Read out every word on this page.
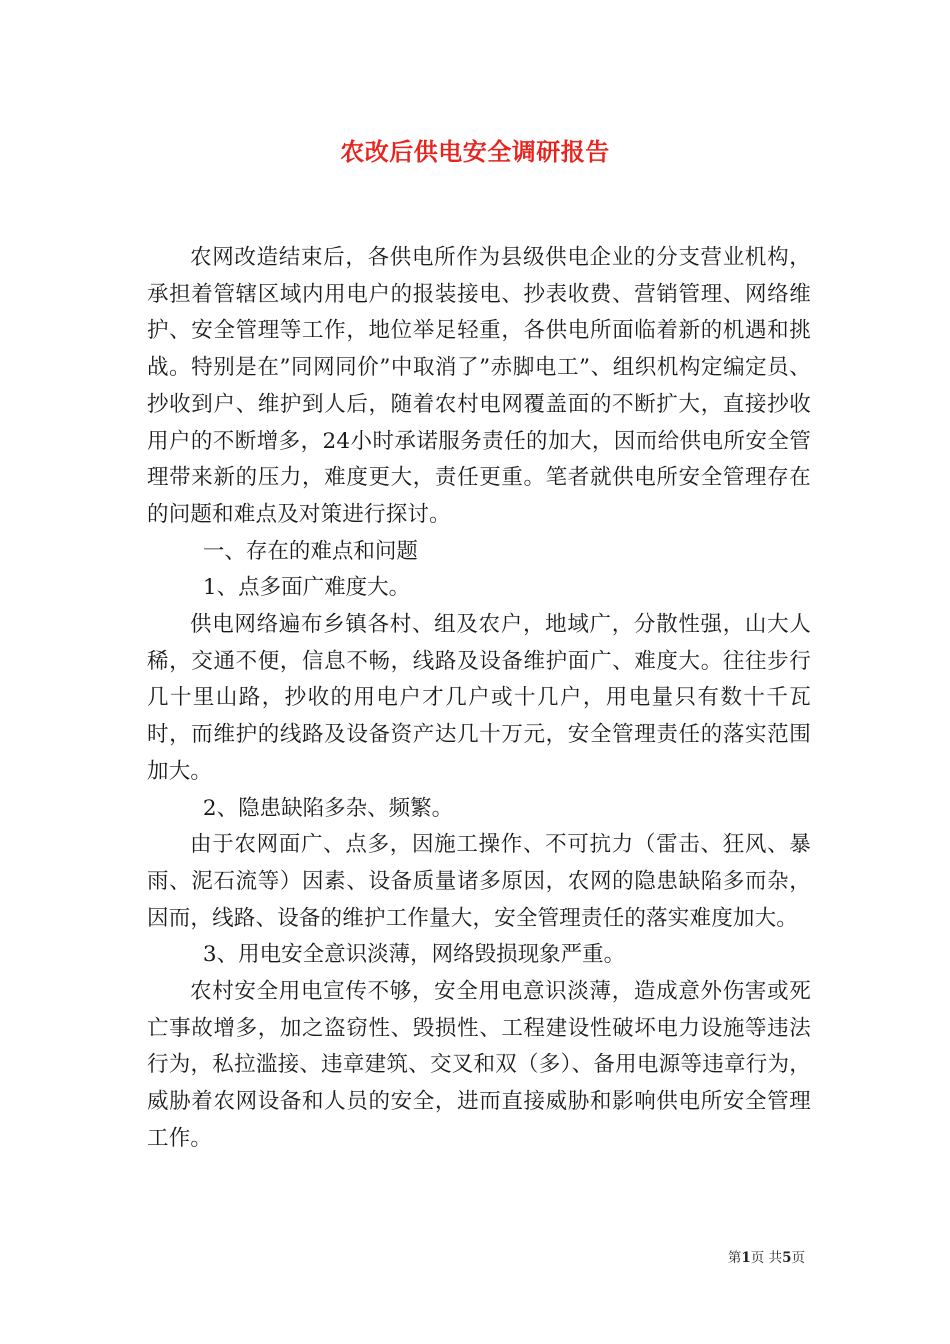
农改后供电安全调研报告

农网改造结束后，各供电所作为县级供电企业的分支营业机构，承担着管辖区域内用电户的报装接电、抄表收费、营销管理、网络维护、安全管理等工作，地位举足轻重，各供电所面临着新的机遇和挑战。特别是在”同网同价”中取消了”赤脚电工”、组织机构定编定员、抄收到户、维护到人后，随着农村电网覆盖面的不断扩大，直接抄收用户的不断增多，24小时承诺服务责任的加大，因而给供电所安全管理带来新的压力，难度更大，责任更重。笔者就供电所安全管理存在的问题和难点及对策进行探讨。

一、存在的难点和问题

1、点多面广难度大。

供电网络遍布乡镇各村、组及农户，地域广，分散性强，山大人稀，交通不便，信息不畅，线路及设备维护面广、难度大。往往步行几十里山路，抄收的用电户才几户或十几户，用电量只有数十千瓦时，而维护的线路及设备资产达几十万元，安全管理责任的落实范围加大。

2、隐患缺陷多杂、频繁。

由于农网面广、点多，因施工操作、不可抗力（雷击、狂风、暴雨、泥石流等）因素、设备质量诸多原因，农网的隐患缺陷多而杂，因而，线路、设备的维护工作量大，安全管理责任的落实难度加大。

3、用电安全意识淡薄，网络毁损现象严重。

农村安全用电宣传不够，安全用电意识淡薄，造成意外伤害或死亡事故增多，加之盗窃性、毁损性、工程建设性破坏电力设施等违法行为，私拉滥接、违章建筑、交叉和双（多）、备用电源等违章行为，威胁着农网设备和人员的安全，进而直接威胁和影响供电所安全管理工作。

第1页 共5页
